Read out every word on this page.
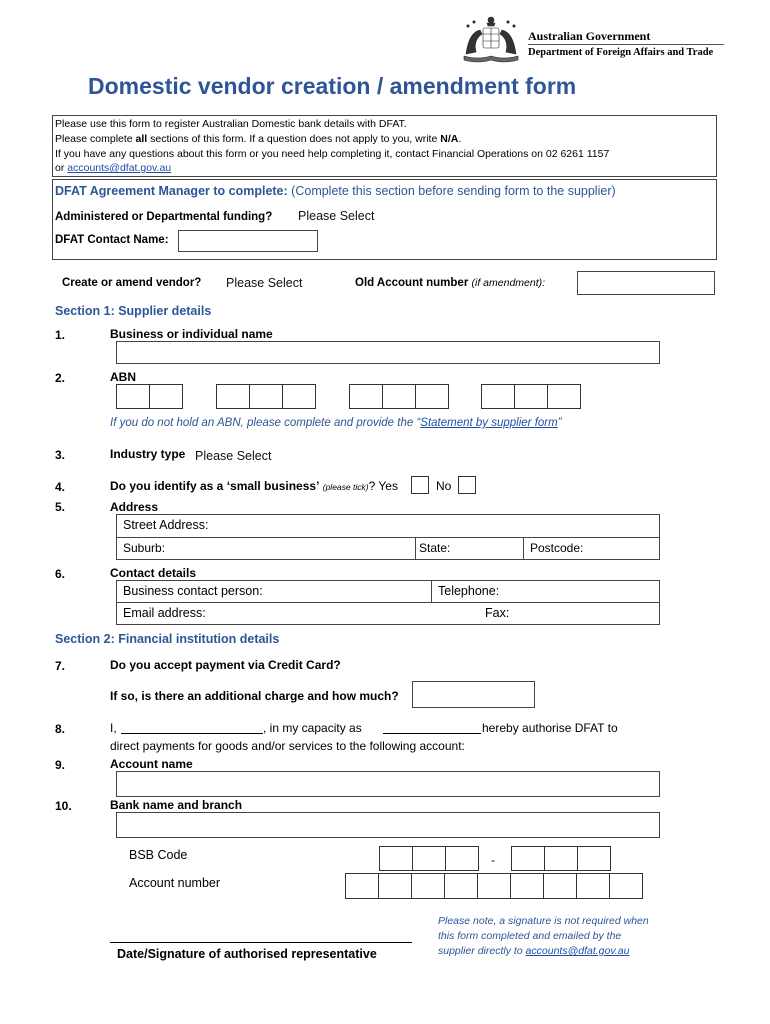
Australian Government
Department of Foreign Affairs and Trade
Domestic vendor creation / amendment form
Please use this form to register Australian Domestic bank details with DFAT.
Please complete all sections of this form. If a question does not apply to you, write N/A.
If you have any questions about this form or you need help completing it, contact Financial Operations on 02 6261 1157
or accounts@dfat.gov.au
DFAT Agreement Manager to complete: (Complete this section before sending form to the supplier)
Administered or Departmental funding? Please Select
DFAT Contact Name:
Create or amend vendor? Please Select	Old Account number (if amendment):
Section 1: Supplier details
1.	Business or individual name
2.	ABN
If you do not hold an ABN, please complete and provide the “Statement by supplier form”
3.	Industry type Please Select
4.	Do you identify as a ‘small business’ (please tick)? Yes	No
5.	Address
Street Address:
Suburb:	State:	Postcode:
6.	Contact details
Business contact person:	Telephone:
Email address:	Fax:
Section 2: Financial institution details
7.	Do you accept payment via Credit Card?
If so, is there an additional charge and how much?
8.	I,	, in my capacity as	hereby authorise DFAT to
direct payments for goods and/or services to the following account:
9.	Account name
10.	Bank name and branch
BSB Code	-
Account number
Date/Signature of authorised representative
Please note, a signature is not required when
this form completed and emailed by the
supplier directly to accounts@dfat.gov.au
